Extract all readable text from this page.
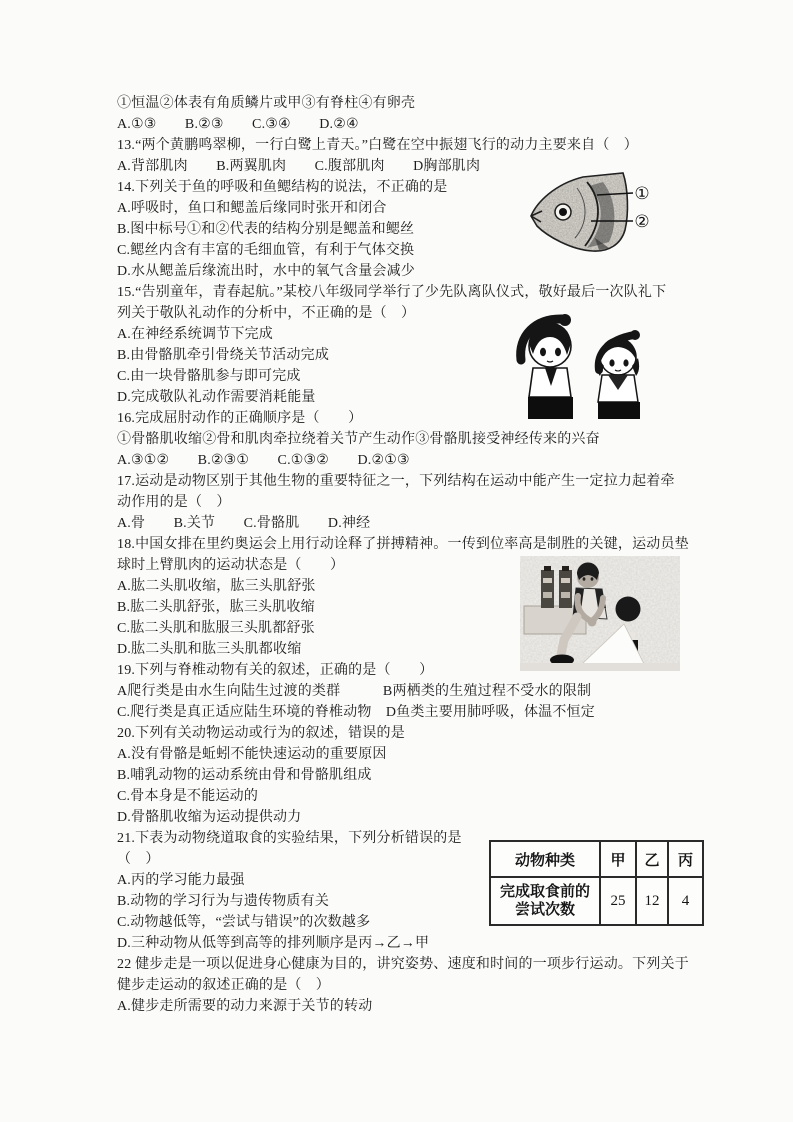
①恒温②体表有角质鳞片或甲③有脊柱④有卵壳
A.①③　　B.②③　　C.③④　　D.②④
13.“两个黄鹏鸣翠柳，一行白鹭上青天。”白鹭在空中振翅飞行的动力主要来自（　）
A.背部肌肉　　B.两翼肌肉　　C.腹部肌肉　　D胸部肌肉
14.下列关于鱼的呼吸和鱼鳃结构的说法，不正确的是
A.呼吸时，鱼口和鳃盖后缘同时张开和闭合
B.图中标号①和②代表的结构分别是鳃盖和鳃丝
C.鳃丝内含有丰富的毛细血管，有利于气体交换
D.水从鳃盖后缘流出时，水中的氧气含量会减少
15.“告别童年，青春起航。”某校八年级同学举行了少先队离队仪式，敬好最后一次队礼下
列关于敬队礼动作的分析中，不正确的是（　）
A.在神经系统调节下完成
B.由骨骼肌牵引骨绕关节活动完成
C.由一块骨骼肌参与即可完成
D.完成敬队礼动作需要消耗能量
16.完成屈肘动作的正确顺序是（　　）
①骨骼肌收缩②骨和肌肉牵拉绕着关节产生动作③骨骼肌接受神经传来的兴奋
A.③①②　　B.②③①　　C.①③②　　D.②①③
17.运动是动物区别于其他生物的重要特征之一，下列结构在运动中能产生一定拉力起着牵
动作用的是（　）
A.骨　　B.关节　　C.骨骼肌　　D.神经
18.中国女排在里约奥运会上用行动诠释了拼搏精神。一传到位率高是制胜的关键，运动员垫
球时上臂肌肉的运动状态是（　　）
A.肱二头肌收缩，肱三头肌舒张
B.肱二头肌舒张，肱三头肌收缩
C.肱二头肌和肱服三头肌都舒张
D.肱二头肌和肱三头肌都收缩
19.下列与脊椎动物有关的叙述，正确的是（　　）
A爬行类是由水生向陆生过渡的类群　　　B两栖类的生殖过程不受水的限制
C.爬行类是真正适应陆生环境的脊椎动物　D鱼类主要用肺呼吸，体温不恒定
20.下列有关动物运动或行为的叙述，错误的是
A.没有骨骼是蚯蚓不能快速运动的重要原因
B.哺乳动物的运动系统由骨和骨骼肌组成
C.骨本身是不能运动的
D.骨骼肌收缩为运动提供动力
21.下表为动物绕道取食的实验结果，下列分析错误的是
（　）
A.丙的学习能力最强
B.动物的学习行为与遗传物质有关
C.动物越低等，“尝试与错误”的次数越多
D.三种动物从低等到高等的排列顺序是丙→乙→甲
22 健步走是一项以促进身心健康为目的，讲究姿势、速度和时间的一项步行运动。下列关于
健步走运动的叙述正确的是（　）
A.健步走所需要的动力来源于关节的转动
①
②
动物种类	甲	乙	丙

完成取食前的
尝试次数	25	12	4
